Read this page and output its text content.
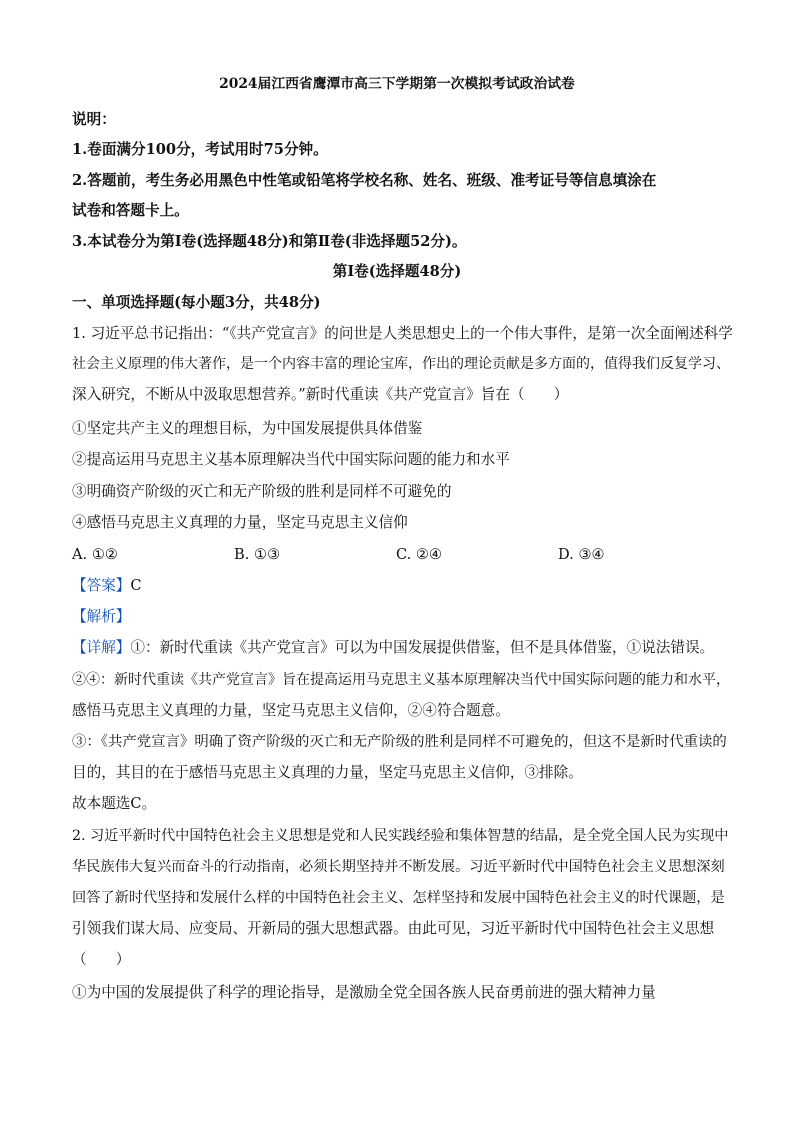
2024届江西省鹰潭市高三下学期第一次模拟考试政治试卷
说明：
1.卷面满分100分，考试用时75分钟。
2.答题前，考生务必用黑色中性笔或铅笔将学校名称、姓名、班级、准考证号等信息填涂在
试卷和答题卡上。
3.本试卷分为第Ⅰ卷(选择题48分)和第Ⅱ卷(非选择题52分)。
第Ⅰ卷(选择题48分)
一、单项选择题(每小题3分，共48分)
1. 习近平总书记指出：“《共产党宣言》的问世是人类思想史上的一个伟大事件，是第一次全面阐述科学
社会主义原理的伟大著作，是一个内容丰富的理论宝库，作出的理论贡献是多方面的，值得我们反复学习、
深入研究，不断从中汲取思想营养。”新时代重读《共产党宣言》旨在（　　）
①坚定共产主义的理想目标，为中国发展提供具体借鉴
②提高运用马克思主义基本原理解决当代中国实际问题的能力和水平
③明确资产阶级的灭亡和无产阶级的胜利是同样不可避免的
④感悟马克思主义真理的力量，坚定马克思主义信仰
A. ①②	B. ①③	C. ②④	D. ③④
【答案】C
【解析】
【详解】①：新时代重读《共产党宣言》可以为中国发展提供借鉴，但不是具体借鉴，①说法错误。
②④：新时代重读《共产党宣言》旨在提高运用马克思主义基本原理解决当代中国实际问题的能力和水平，
感悟马克思主义真理的力量，坚定马克思主义信仰，②④符合题意。
③：《共产党宣言》明确了资产阶级的灭亡和无产阶级的胜利是同样不可避免的，但这不是新时代重读的
目的，其目的在于感悟马克思主义真理的力量，坚定马克思主义信仰，③排除。
故本题选C。
2. 习近平新时代中国特色社会主义思想是党和人民实践经验和集体智慧的结晶，是全党全国人民为实现中
华民族伟大复兴而奋斗的行动指南，必须长期坚持并不断发展。习近平新时代中国特色社会主义思想深刻
回答了新时代坚持和发展什么样的中国特色社会主义、怎样坚持和发展中国特色社会主义的时代课题，是
引领我们谋大局、应变局、开新局的强大思想武器。由此可见，习近平新时代中国特色社会主义思想
（　　）
①为中国的发展提供了科学的理论指导，是激励全党全国各族人民奋勇前进的强大精神力量
